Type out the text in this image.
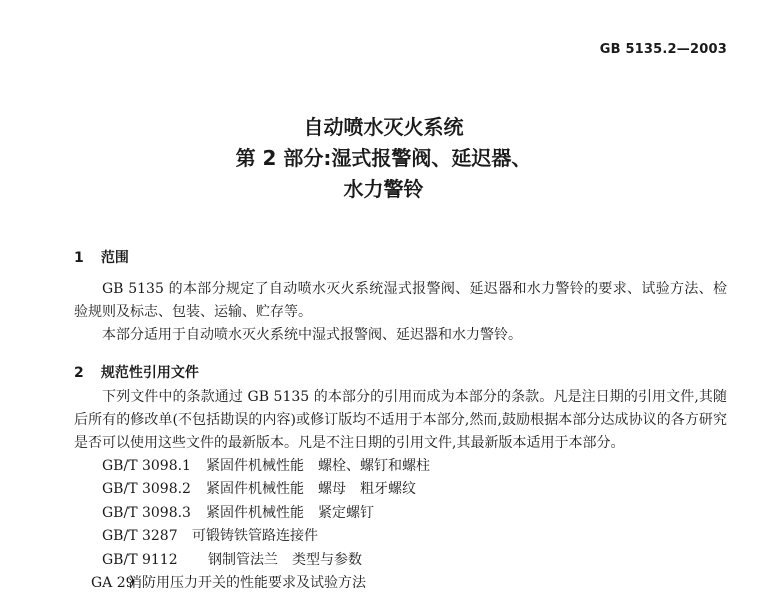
GB 5135.2—2003
自动喷水灭火系统
第 2 部分:湿式报警阀、延迟器、
水力警铃
1 范围
GB 5135 的本部分规定了自动喷水灭火系统湿式报警阀、延迟器和水力警铃的要求、试验方法、检验规则及标志、包装、运输、贮存等。
本部分适用于自动喷水灭火系统中湿式报警阀、延迟器和水力警铃。
2 规范性引用文件
下列文件中的条款通过 GB 5135 的本部分的引用而成为本部分的条款。凡是注日期的引用文件,其随后所有的修改单(不包括勘误的内容)或修订版均不适用于本部分,然而,鼓励根据本部分达成协议的各方研究是否可以使用这些文件的最新版本。凡是不注日期的引用文件,其最新版本适用于本部分。
GB/T 3098.1 紧固件机械性能　螺栓、螺钉和螺柱
GB/T 3098.2 紧固件机械性能　螺母　粗牙螺纹
GB/T 3098.3 紧固件机械性能　紧定螺钉
GB/T 3287 可锻铸铁管路连接件
GB/T 9112 钢制管法兰　类型与参数
GA 29消防用压力开关的性能要求及试验方法
